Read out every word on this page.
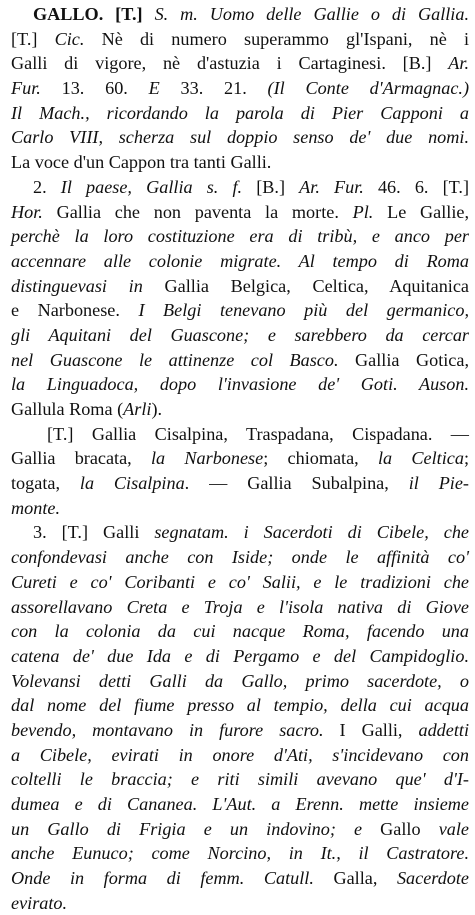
GALLO. [T.] S. m. Uomo delle Gallie o di Gallia.
[T.] Cic. Nè di numero superammo gl'Ispani, nè i
Galli di vigore, nè d'astuzia i Cartaginesi. [B.] Ar.
Fur. 13. 60. E 33. 21. (Il Conte d'Armagnac.)
Il Mach., ricordando la parola di Pier Capponi a
Carlo VIII, scherza sul doppio senso de' due nomi.
La voce d'un Cappon tra tanti Galli.
2. Il paese, Gallia s. f. [B.] Ar. Fur. 46. 6. [T.]
Hor. Gallia che non paventa la morte. Pl. Le Gallie,
perchè la loro costituzione era di tribù, e anco per
accennare alle colonie migrate. Al tempo di Roma
distinguevasi in Gallia Belgica, Celtica, Aquitanica
e Narbonese. I Belgi tenevano più del germanico,
gli Aquitani del Guascone; e sarebbero da cercar
nel Guascone le attinenze col Basco. Gallia Gotica,
la Linguadoca, dopo l'invasione de' Goti. Auson.
Gallula Roma (Arli).
[T.] Gallia Cisalpina, Traspadana, Cispadana. —
Gallia bracata, la Narbonese; chiomata, la Celtica;
togata, la Cisalpina. — Gallia Subalpina, il Pie-
monte.
3. [T.] Galli segnatam. i Sacerdoti di Cibele, che
confondevasi anche con Iside; onde le affinità co'
Cureti e co' Coribanti e co' Salii, e le tradizioni che
assorellavano Creta e Troja e l'isola nativa di Giove
con la colonia da cui nacque Roma, facendo una
catena de' due Ida e di Pergamo e del Campidoglio.
Volevansi detti Galli da Gallo, primo sacerdote, o
dal nome del fiume presso al tempio, della cui acqua
bevendo, montavano in furore sacro. I Galli, addetti
a Cibele, evirati in onore d'Ati, s'incidevano con
coltelli le braccia; e riti simili avevano que' d'I-
dumea e di Cananea. L'Aut. a Erenn. mette insieme
un Gallo di Frigia e un indovino; e Gallo vale
anche Eunuco; come Norcino, in It., il Castratore.
Onde in forma di femm. Catull. Galla, Sacerdote
evirato.
